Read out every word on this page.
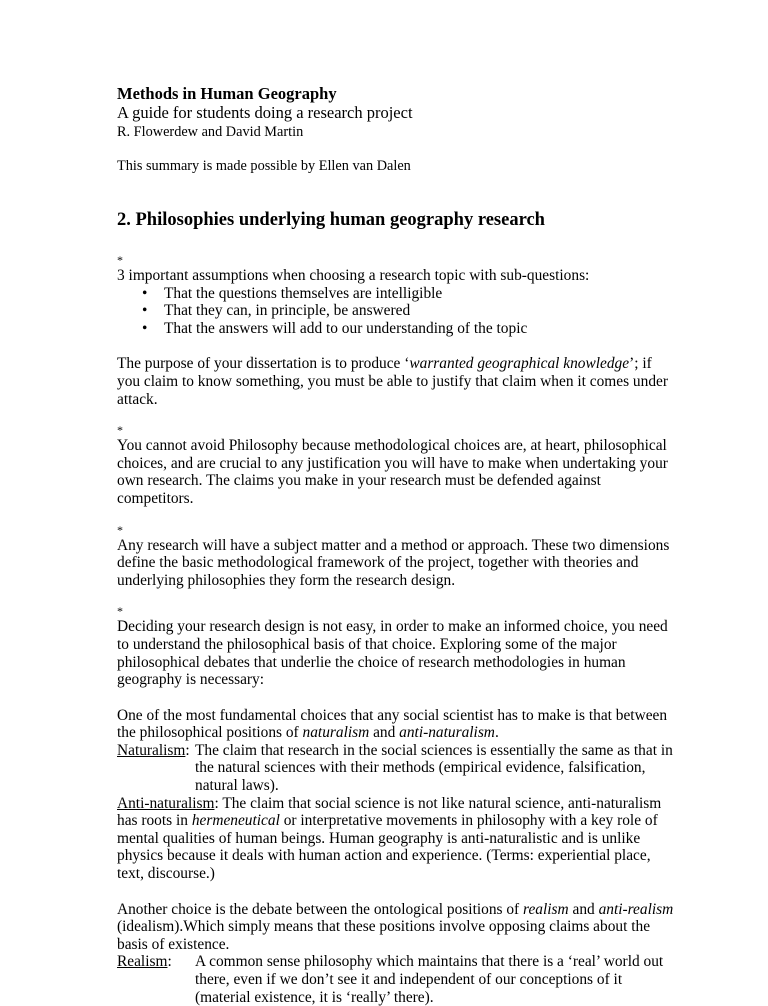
Methods in Human Geography

A guide for students doing a research project

R. Flowerdew and David Martin

This summary is made possible by Ellen van Dalen

2. Philosophies underlying human geography research

*

3 important assumptions when choosing a research topic with sub-questions:

• That the questions themselves are intelligible
• That they can, in principle, be answered
• That the answers will add to our understanding of the topic

The purpose of your dissertation is to produce ‘warranted geographical knowledge’; if you claim to know something, you must be able to justify that claim when it comes under attack.

*

You cannot avoid Philosophy because methodological choices are, at heart, philosophical choices, and are crucial to any justification you will have to make when undertaking your own research. The claims you make in your research must be defended against competitors.

*

Any research will have a subject matter and a method or approach. These two dimensions define the basic methodological framework of the project, together with theories and underlying philosophies they form the research design.

*

Deciding your research design is not easy, in order to make an informed choice, you need to understand the philosophical basis of that choice. Exploring some of the major philosophical debates that underlie the choice of research methodologies in human geography is necessary:

One of the most fundamental choices that any social scientist has to make is that between the philosophical positions of naturalism and anti-naturalism.

Naturalism: The claim that research in the social sciences is essentially the same as that in the natural sciences with their methods (empirical evidence, falsification, natural laws).

Anti-naturalism: The claim that social science is not like natural science, anti-naturalism has roots in hermeneutical or interpretative movements in philosophy with a key role of mental qualities of human beings. Human geography is anti-naturalistic and is unlike physics because it deals with human action and experience. (Terms: experiential place, text, discourse.)

Another choice is the debate between the ontological positions of realism and anti-realism (idealism).Which simply means that these positions involve opposing claims about the basis of existence.

Realism:	A common sense philosophy which maintains that there is a ‘real’ world out there, even if we don’t see it and independent of our conceptions of it (material existence, it is ‘really’ there).
